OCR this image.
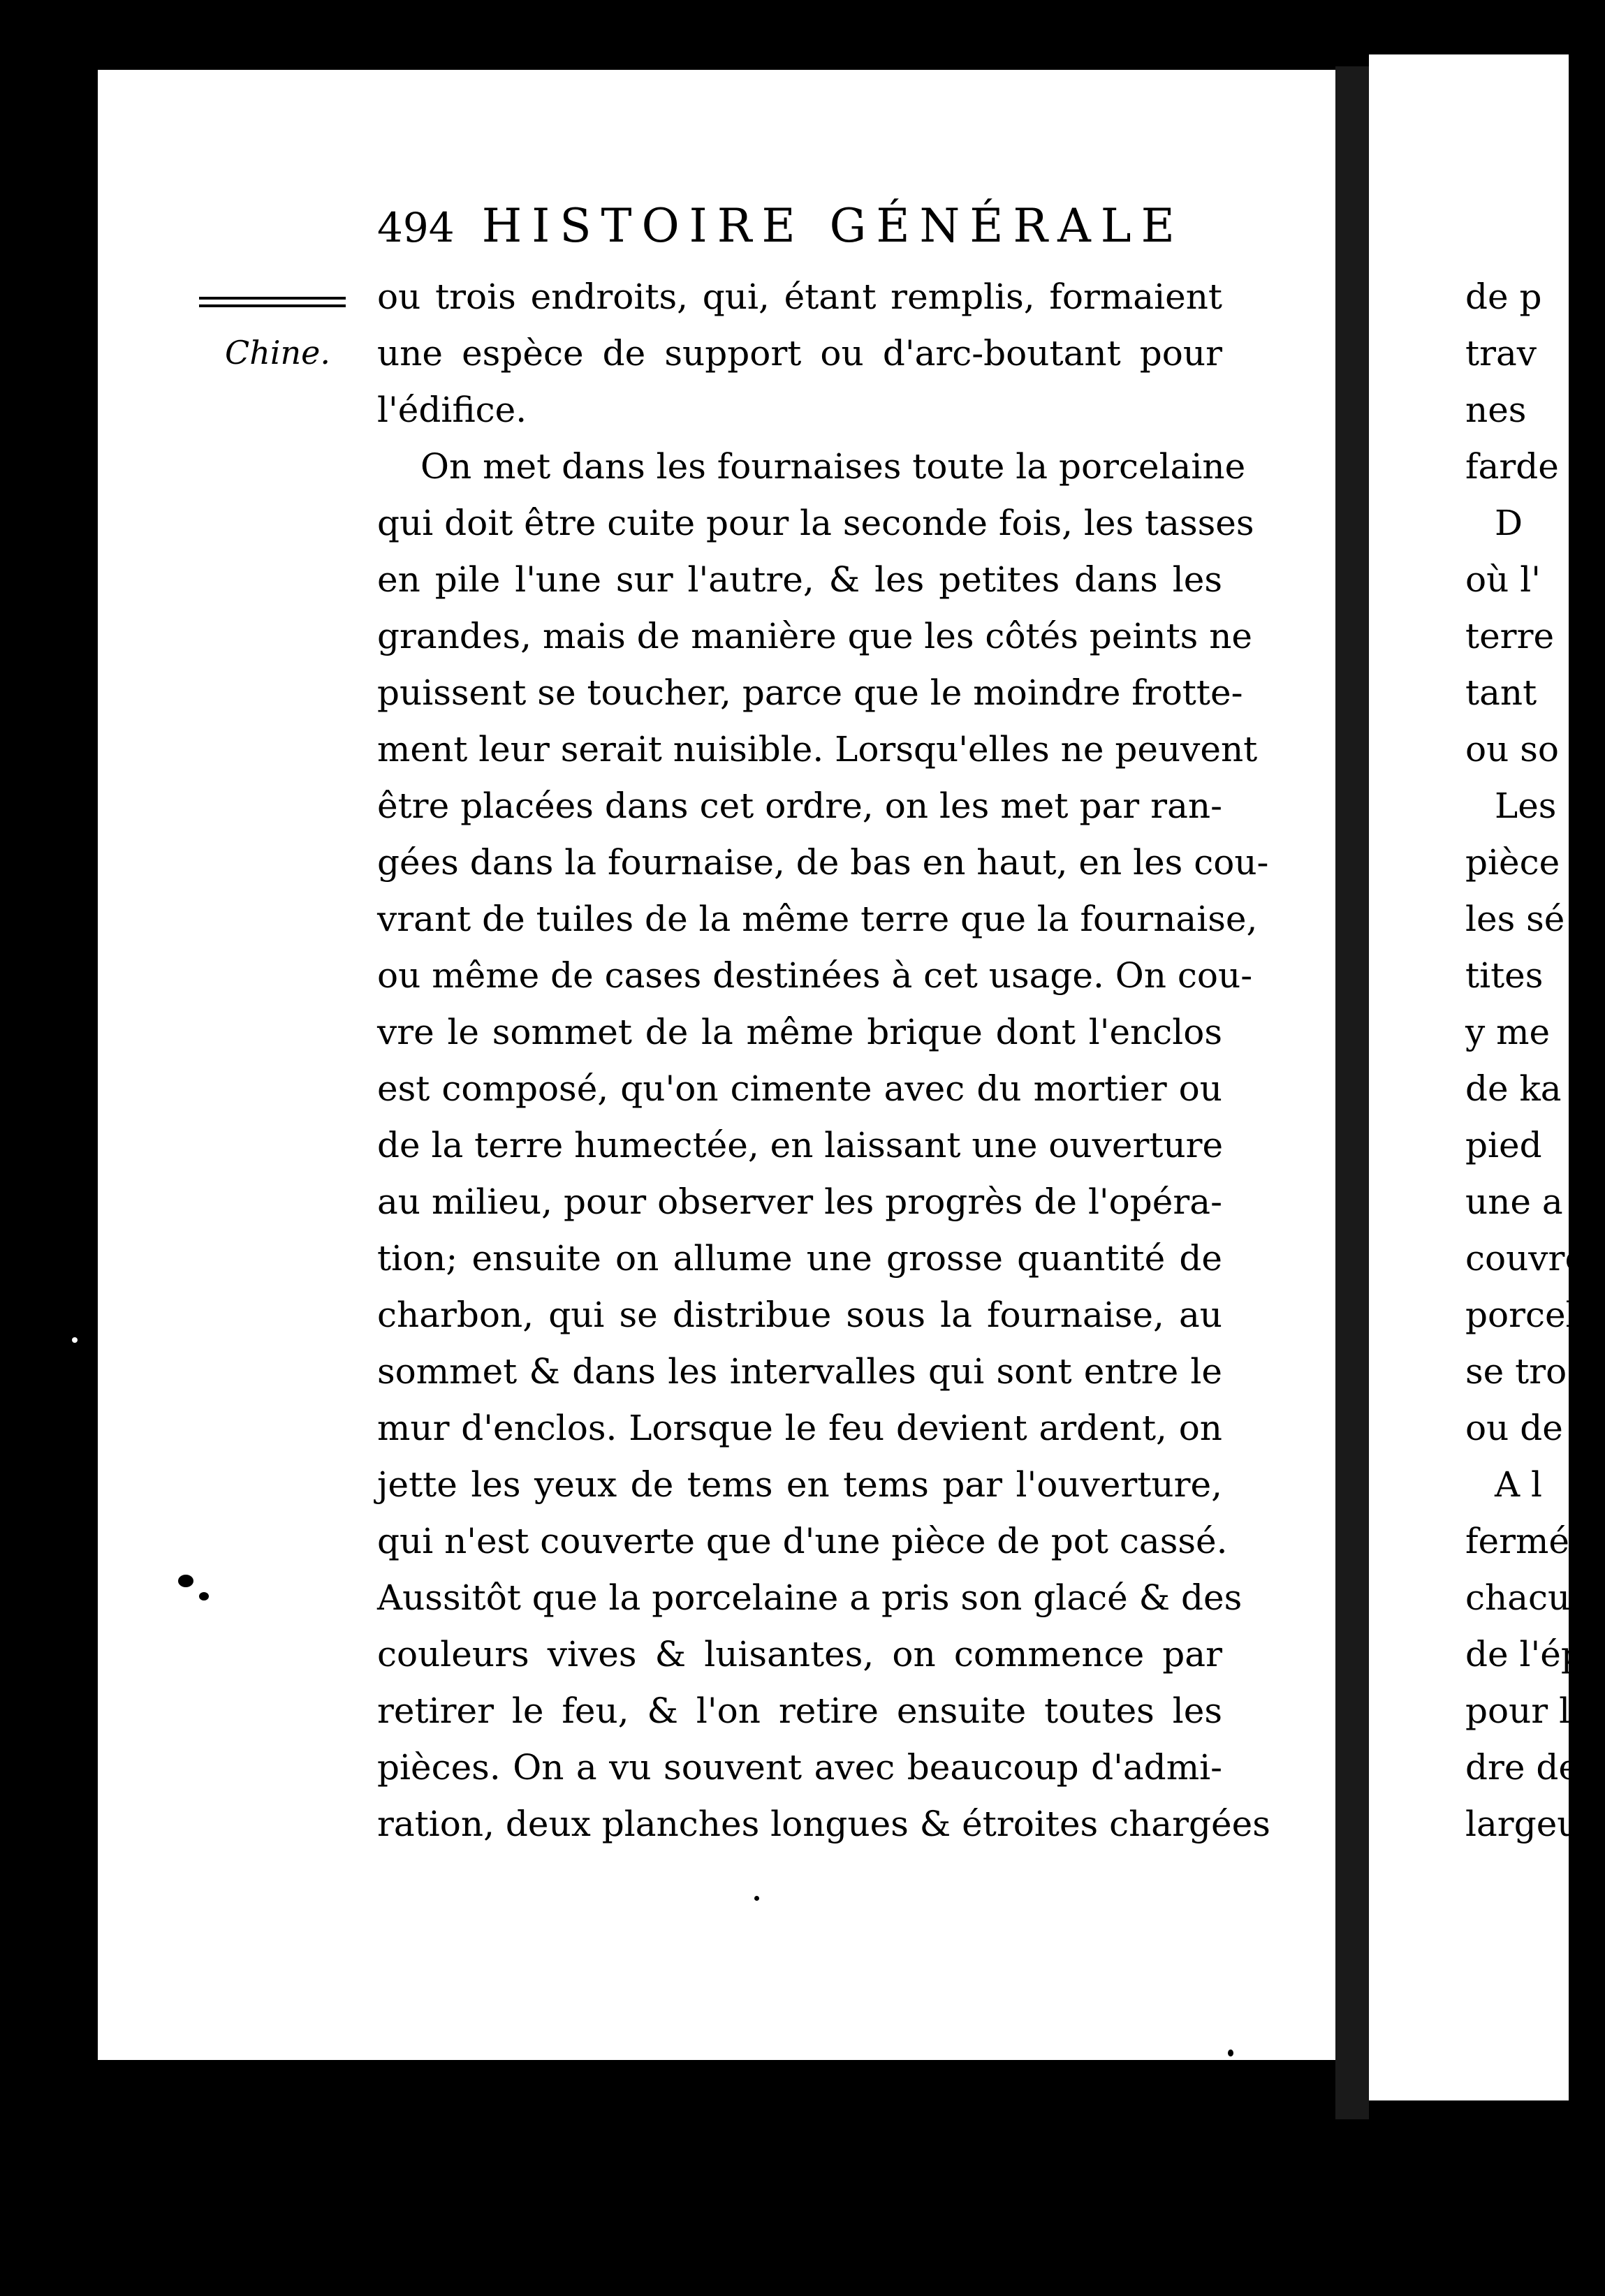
494 HISTOIRE GÉNÉRALE
Chine.
ou trois endroits, qui, étant remplis, formaient
une espèce de support ou d'arc-boutant pour
l'édifice.
On met dans les fournaises toute la porcelaine
qui doit être cuite pour la seconde fois, les tasses
en pile l'une sur l'autre, & les petites dans les
grandes, mais de manière que les côtés peints ne
puissent se toucher, parce que le moindre frotte-
ment leur serait nuisible. Lorsqu'elles ne peuvent
être placées dans cet ordre, on les met par ran-
gées dans la fournaise, de bas en haut, en les cou-
vrant de tuiles de la même terre que la fournaise,
ou même de cases destinées à cet usage. On cou-
vre le sommet de la même brique dont l'enclos
est composé, qu'on cimente avec du mortier ou
de la terre humectée, en laissant une ouverture
au milieu, pour observer les progrès de l'opéra-
tion; ensuite on allume une grosse quantité de
charbon, qui se distribue sous la fournaise, au
sommet & dans les intervalles qui sont entre le
mur d'enclos. Lorsque le feu devient ardent, on
jette les yeux de tems en tems par l'ouverture,
qui n'est couverte que d'une pièce de pot cassé.
Aussitôt que la porcelaine a pris son glacé & des
couleurs vives & luisantes, on commence par
retirer le feu, & l'on retire ensuite toutes les
pièces. On a vu souvent avec beaucoup d'admi-
ration, deux planches longues & étroites chargées
de p
trav
nes
farde
D
où l'
terre
tant
ou so
Les
pièce
les sé
tites
y me
de ka
pied
une a
couvre
porcel
se tro
ou de
A l
fermé
chacu
de l'ép
pour l
dre de
largeu
